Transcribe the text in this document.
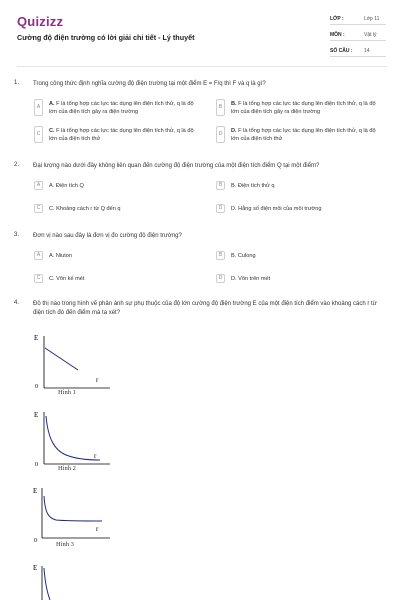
Quizizz
Cường độ điện trường có lời giải chi tiết - Lý thuyết
LỚP :	Lớp 11
MÔN :	Vật lý
SỐ CÂU : 14
1. Trong công thức định nghĩa cường độ điện trường tại một điểm E = F/q thì F và q là gì?
A	A. F là tổng hợp các lực tác dụng lên điện tích thử, q là độ lớn của điện tích gây ra điện trường
B	B. F là tổng hợp các lực tác dụng lên điện tích thử, q là độ lớn của điện tích gây ra điện trường
C	C. F là tổng hợp các lực tác dụng lên điện tích thử, q là độ lớn của điện tích thử
D	D. F là tổng hợp các lực tác dụng lên điện tích thử, q là độ lớn của điện tích thử
2. Đại lượng nào dưới đây không liên quan đến cường độ điện trường của một điện tích điểm Q tại một điểm?
A	A. Điện tích Q	B	B. Điện tích thử q
C	C. Khoảng cách r từ Q đến q	D	D. Hằng số điện môi của môi trường
3. Đơn vị nào sau đây là đơn vị đo cường độ điện trường?
A	A. Niuton	B	B. Culong
C	C. Vôn kế mét	D	D. Vôn trên mét
4. Đồ thị nào trong hình vẽ phản ánh sự phụ thuộc của độ lớn cường độ điện trường E của một điện tích điểm vào khoảng cách r từ điện tích đó đến điểm mà ta xét?
E
r
0
Hình 1
E
r
0	Hình 2
E
r
0	Hình 3
E
